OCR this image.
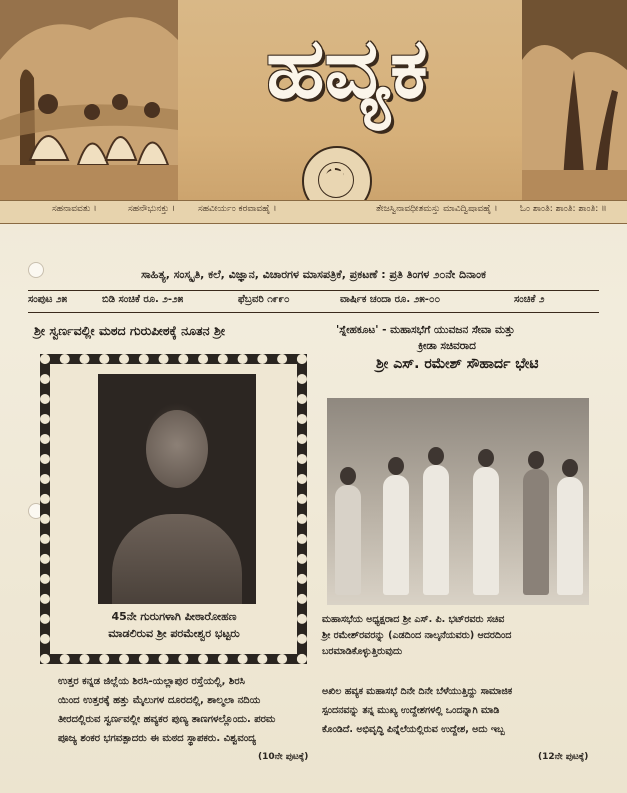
ಹವ್ಯಕ
ಸಹನಾವವತು ।	ಸಹನೌಭುನಕ್ತು ।	ಸಹವೀರ್ಯಂ ಕರವಾವಹೈ ।	ತೇಜಸ್ವಿನಾವಧೀತಮಸ್ತು ಮಾವಿದ್ವಿಷಾವಹೈ । ಓಂ ಶಾಂತಿ: ಶಾಂತಿ: ಶಾಂತಿ: ॥
ಸಾಹಿತ್ಯ, ಸಂಸ್ಕೃತಿ, ಕಲೆ, ವಿಜ್ಞಾನ, ವಿಚಾರಗಳ ಮಾಸಪತ್ರಿಕೆ, ಪ್ರಕಟಣೆ : ಪ್ರತಿ ತಿಂಗಳ ೨೦ನೇ ದಿನಾಂಕ
ಸಂಪುಟ ೨೫	ಬಿಡಿ ಸಂಚಿಕೆ ರೂ. ೨-೨೫	ಫೆಬ್ರವರಿ ೧೯೯೦	ವಾರ್ಷಿಕ ಚಂದಾ ರೂ. ೨೫-೦೦	ಸಂಚಿಕೆ ೨
ಶ್ರೀ ಸ್ವರ್ಣವಲ್ಲೀ ಮಠದ ಗುರುಪೀಠಕ್ಕೆ ನೂತನ ಶ್ರೀ
45ನೇ ಗುರುಗಳಾಗಿ ಪೀಠಾರೋಹಣ
ಮಾಡಲಿರುವ ಶ್ರೀ ಪರಮೇಶ್ವರ ಭಟ್ಟರು
ಉತ್ತರ ಕನ್ನಡ ಜಿಲ್ಲೆಯ ಶಿರಸಿ-ಯಲ್ಲಾಪುರ ರಸ್ತೆಯಲ್ಲಿ, ಶಿರಸಿ
ಯಿಂದ ಉತ್ತರಕ್ಕೆ ಹತ್ತು ಮೈಲುಗಳ ದೂರದಲ್ಲಿ, ಶಾಲ್ಮಲಾ ನದಿಯ
ತೀರದಲ್ಲಿರುವ ಸ್ವರ್ಣವಲ್ಲೀ ಹವ್ಯಕರ ಪುಣ್ಯ ತಾಣಗಳಲ್ಲೊಂದು. ಪರಮ
ಪೂಜ್ಯ ಶಂಕರ ಭಗವತ್ಪಾದರು ಈ ಮಠದ ಸ್ಥಾಪಕರು. ವಿಶ್ವವಂದ್ಯ
(10ನೇ ಪುಟಕ್ಕೆ)
'ಸ್ನೇಹಕೂಟ' - ಮಹಾಸಭೆಗೆ ಯುವಜನ ಸೇವಾ ಮತ್ತು
ಕ್ರೀಡಾ ಸಚಿವರಾದ
ಶ್ರೀ ಎಸ್. ರಮೇಶ್ ಸೌಹಾರ್ದ ಭೇಟಿ
ಮಹಾಸಭೆಯ ಅಧ್ಯಕ್ಷರಾದ ಶ್ರೀ ಎಸ್. ಪಿ. ಭಟ್‌ರವರು ಸಚಿವ
ಶ್ರೀ ರಮೇಶ್‌ರವರನ್ನು (ಎಡದಿಂದ ನಾಲ್ಕನೆಯವರು) ಆದರದಿಂದ
ಬರಮಾಡಿಕೊಳ್ಳುತ್ತಿರುವುದು
ಅಖಿಲ ಹವ್ಯಕ ಮಹಾಸಭೆ ದಿನೇ ದಿನೇ ಬೆಳೆಯುತ್ತಿದ್ದು ಸಾಮಾಜಿಕ
ಸ್ಪಂದನವನ್ನು ತನ್ನ ಮುಖ್ಯ ಉದ್ದೇಶಗಳಲ್ಲಿ ಒಂದನ್ನಾಗಿ ಮಾಡಿ
ಕೊಂಡಿದೆ. ಅಭಿವೃದ್ಧಿ ಪಿನ್ನೆಲೆಯಲ್ಲಿರುವ ಉದ್ದೇಶ, ಅದು ಇಬ್ಬ
(12ನೇ ಪುಟಕ್ಕೆ)
